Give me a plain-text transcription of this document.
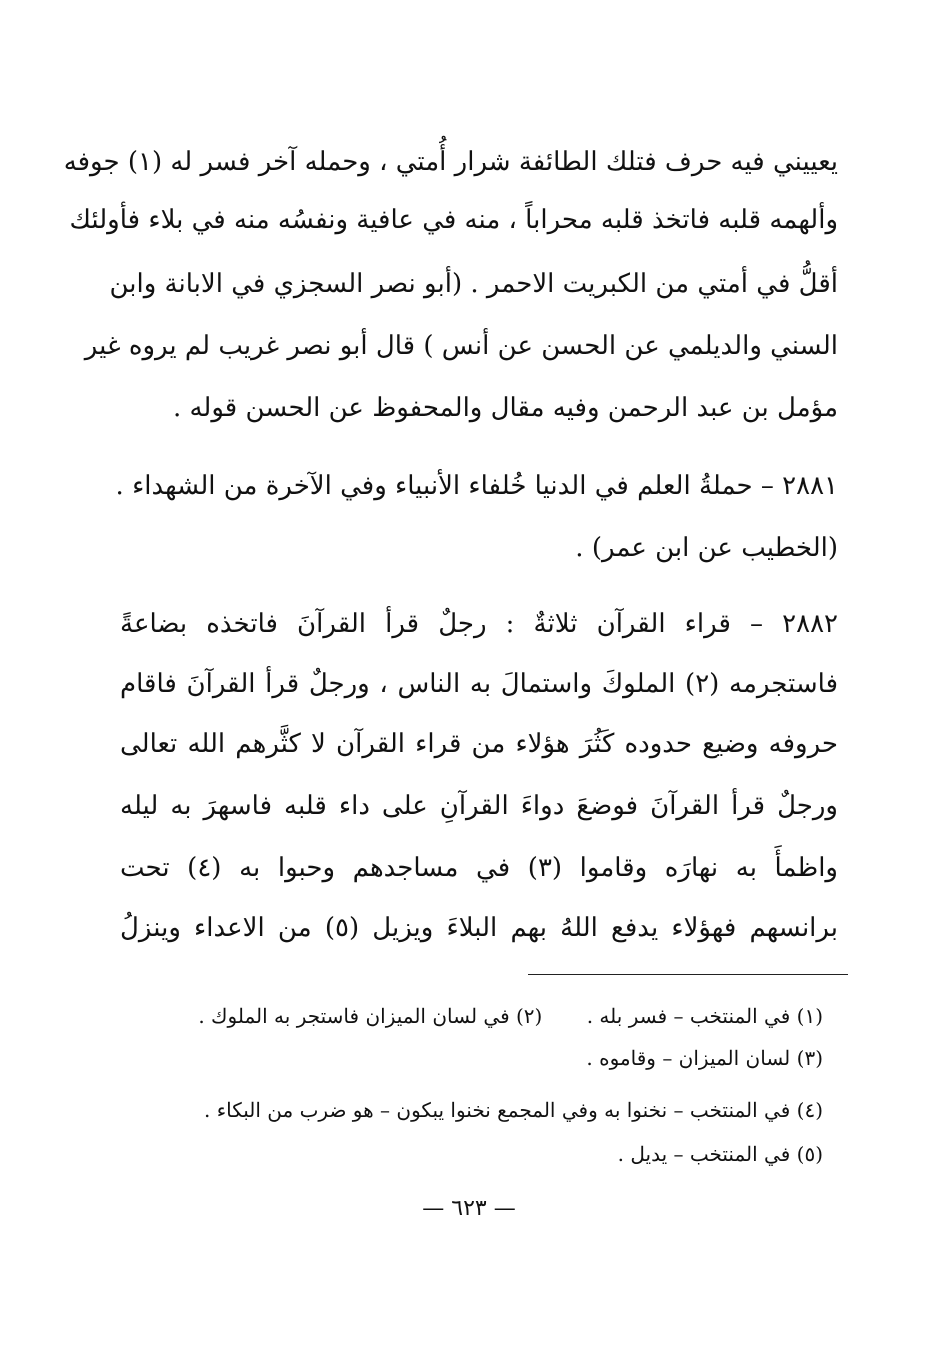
يعييني فيه حرف فتلك الطائفة شرار أُمتي ، وحمله آخر فسر له (١) جوفه
وألهمه قلبه فاتخذ قلبه محراباً ، منه في عافية ونفسُه منه في بلاء فأولئك
أقلُّ في أمتي من الكبريت الاحمر . (أبو نصر السجزي في الابانة وابن
السني والديلمي عن الحسن عن أنس ) قال أبو نصر غريب لم يروه غير
مؤمل بن عبد الرحمن وفيه مقال والمحفوظ عن الحسن قوله .
٢٨٨١ – حملةُ العلم في الدنيا خُلفاء الأنبياء وفي الآخرة من الشهداء .
(الخطيب عن ابن عمر) .
٢٨٨٢ – قراء القرآن ثلاثةٌ : رجلٌ قرأ القرآنَ فاتخذه بضاعةً
فاستجرمه (٢) الملوكَ واستمالَ به الناس ، ورجلٌ قرأ القرآنَ فاقام
حروفه وضيع حدوده كَثُرَ هؤلاء من قراء القرآن لا كثَّرهم الله تعالى
ورجلٌ قرأ القرآنَ فوضعَ دواءَ القرآنِ على داء قلبه فاسهرَ به ليله
واظمأَ به نهارَه وقاموا (٣) في مساجدهم وحبوا به (٤) تحت
برانسهم فهؤلاء يدفع اللهُ بهم البلاءَ ويزيل (٥) من الاعداء وينزلُ
(١) في المنتخب – فسر بله . (٢) في لسان الميزان فاستجر به الملوك .
(٣) لسان الميزان – وقاموه .
(٤) في المنتخب – نخنوا به وفي المجمع نخنوا يبكون – هو ضرب من البكاء .
(٥) في المنتخب – يديل .
— ٦٢٣ —
